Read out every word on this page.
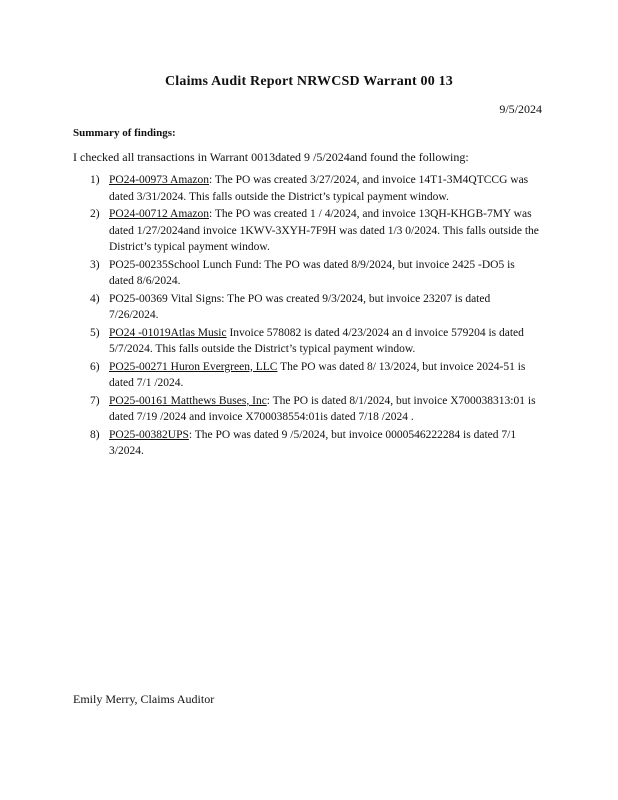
Claims Audit Report NRWCSD Warrant 00 13
9/5/2024
Summary of findings:
I checked all transactions in Warrant 0013dated 9 /5/2024and found the following:
1) PO24-00973 Amazon: The PO was created 3/27/2024, and invoice 14T1-3M4QTCCG was dated 3/31/2024. This falls outside the District’s typical payment window.
2) PO24-00712 Amazon: The PO was created 1 / 4/2024, and invoice 13QH-KHGB-7MY was dated 1/27/2024and invoice 1KWV-3XYH-7F9H was dated 1/3 0/2024. This falls outside the District’s typical payment window.
3) PO25-00235School Lunch Fund: The PO was dated 8/9/2024, but invoice 2425 -DO5 is dated 8/6/2024.
4) PO25-00369 Vital Signs: The PO was created 9/3/2024, but invoice 23207 is dated 7/26/2024.
5) PO24 -01019Atlas Music Invoice 578082 is dated 4/23/2024 an d invoice 579204 is dated 5/7/2024. This falls outside the District’s typical payment window.
6) PO25-00271 Huron Evergreen, LLC The PO was dated 8/ 13/2024, but invoice 2024-51 is dated 7/1 /2024.
7) PO25-00161 Matthews Buses, Inc: The PO is dated 8/1/2024, but invoice X700038313:01 is dated 7/19 /2024 and invoice X700038554:01is dated 7/18 /2024 .
8) PO25-00382UPS: The PO was dated 9 /5/2024, but invoice 0000546222284 is dated 7/1 3/2024.
Emily Merry, Claims Auditor
